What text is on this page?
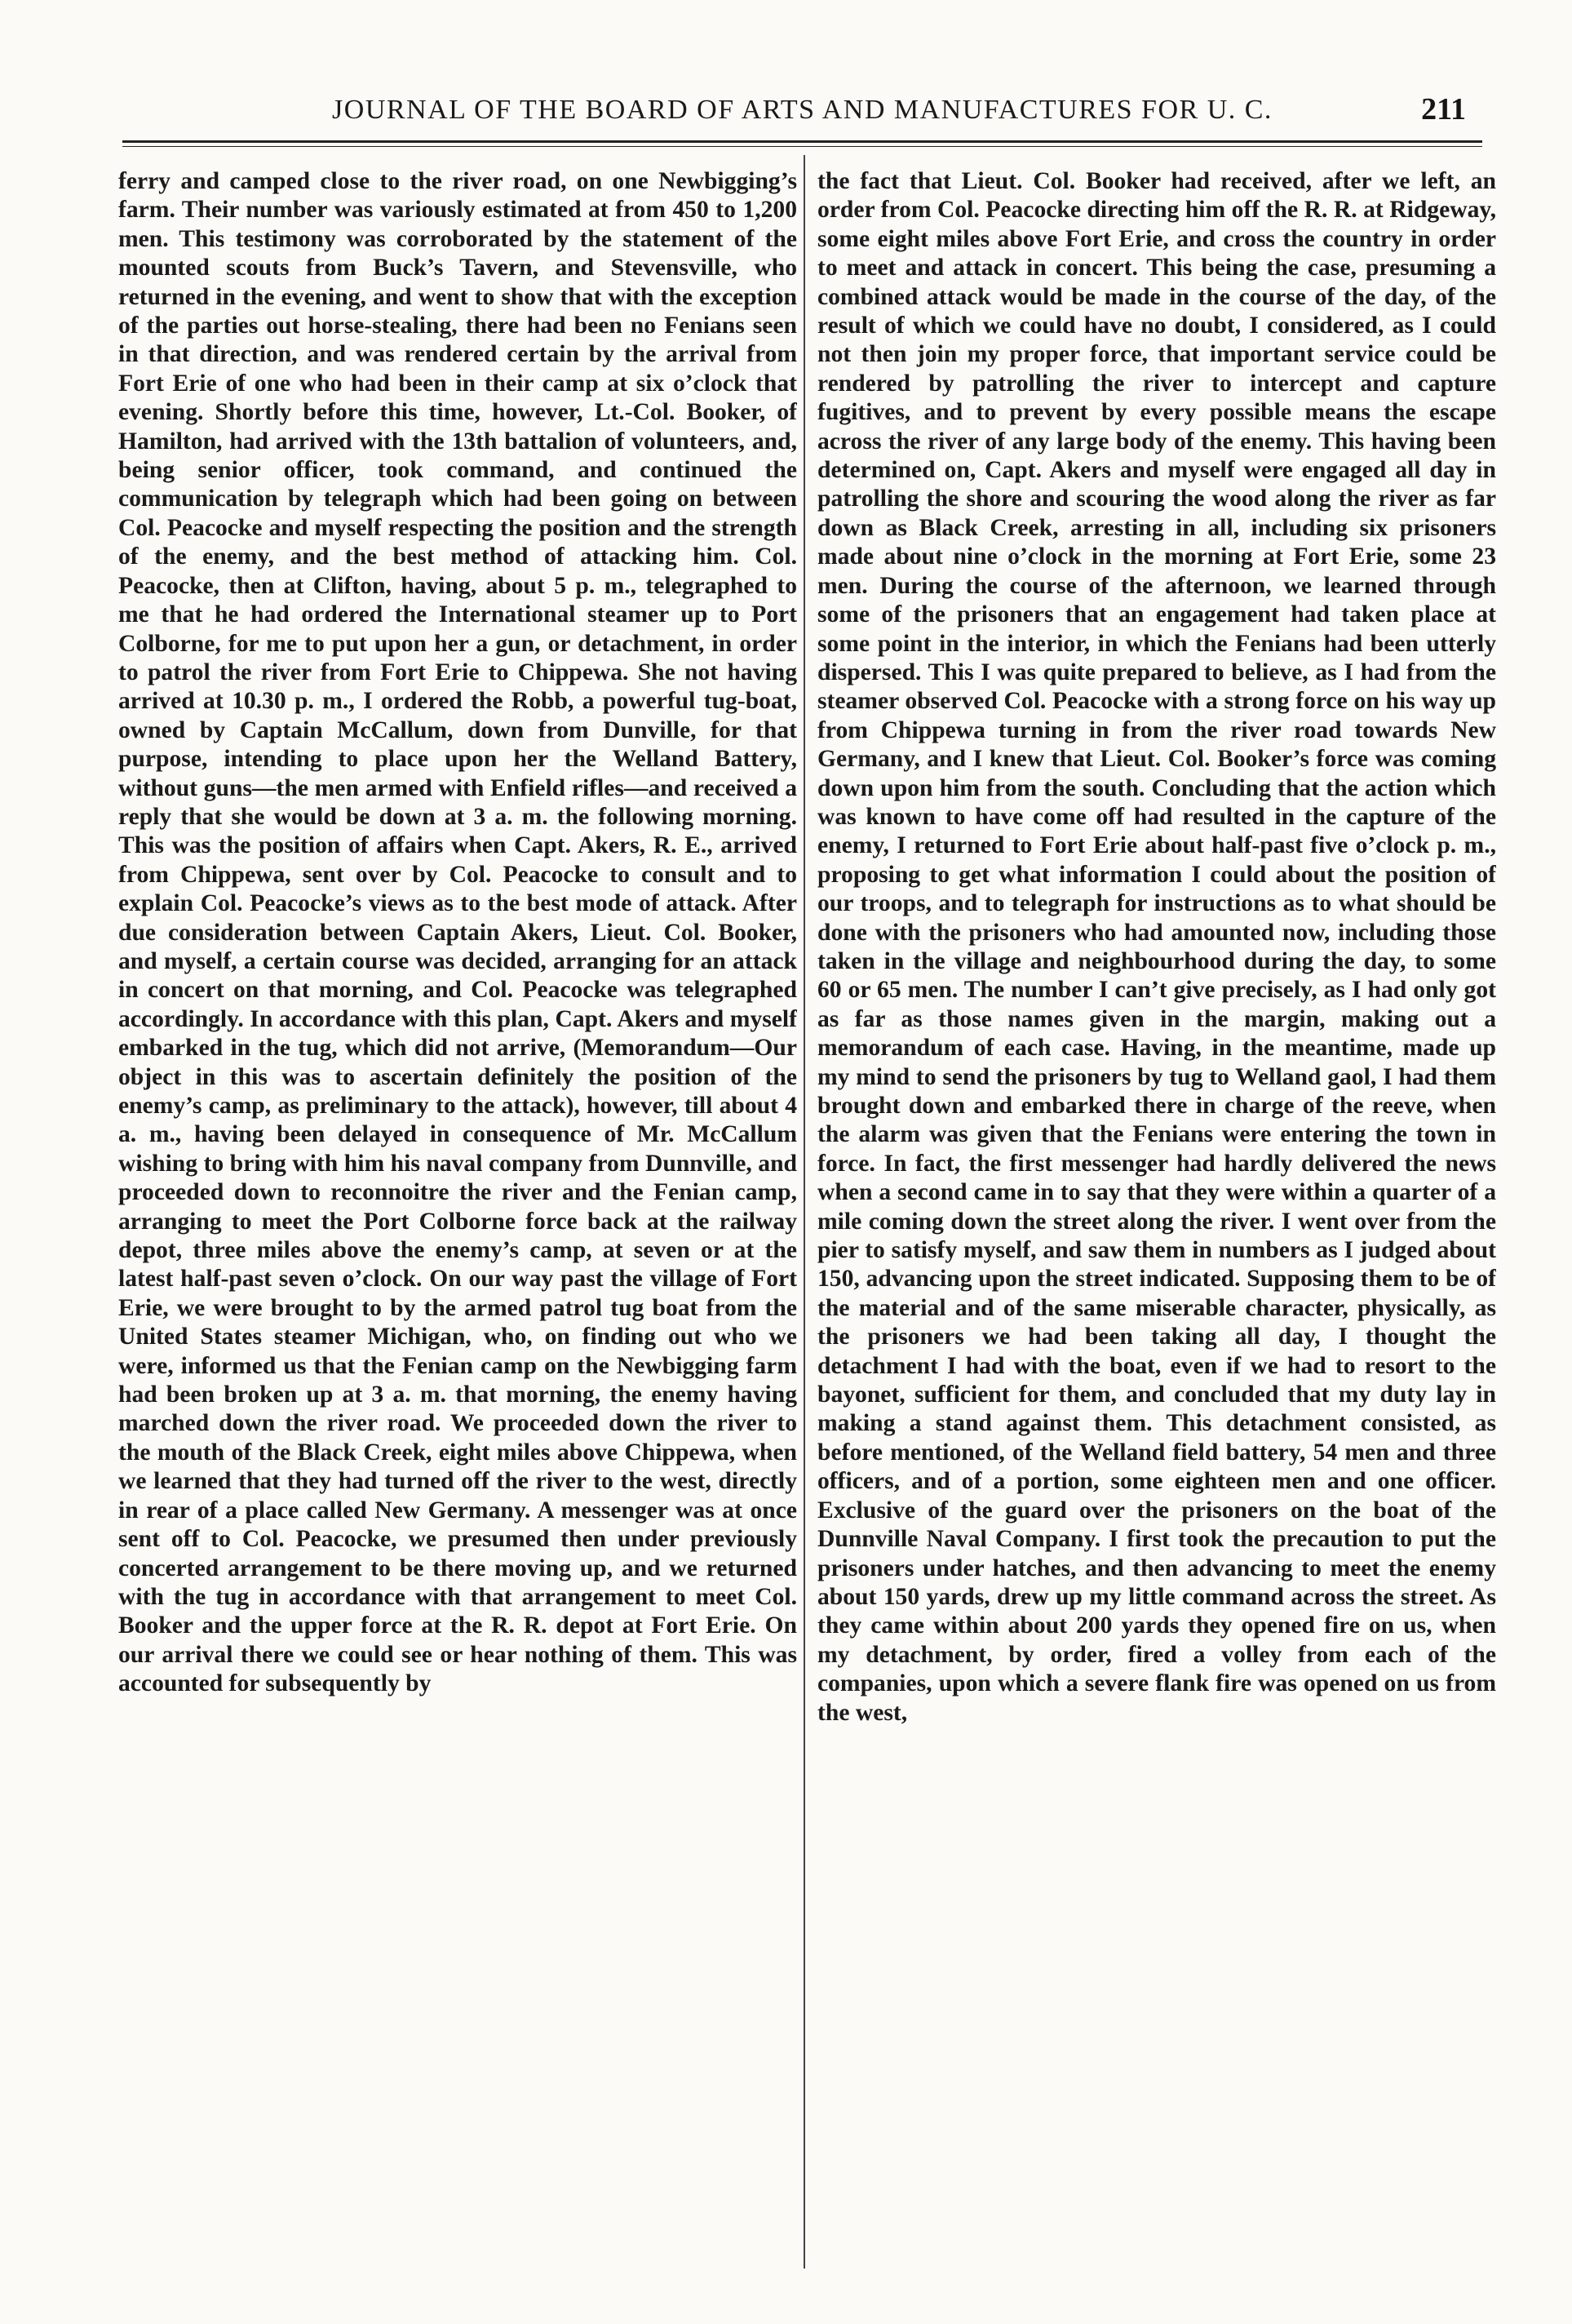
JOURNAL OF THE BOARD OF ARTS AND MANUFACTURES FOR U. C.	211

ferry and camped close to the river road, on one Newbigging’s farm. Their number was variously estimated at from 450 to 1,200 men. This testimony was corroborated by the statement of the mounted scouts from Buck’s Tavern, and Stevensville, who returned in the evening, and went to show that with the exception of the parties out horse-stealing, there had been no Fenians seen in that direction, and was rendered certain by the arrival from Fort Erie of one who had been in their camp at six o’clock that evening. Shortly before this time, however, Lt.-Col. Booker, of Hamilton, had arrived with the 13th battalion of volunteers, and, being senior officer, took command, and continued the communication by telegraph which had been going on between Col. Peacocke and myself respecting the position and the strength of the enemy, and the best method of attacking him. Col. Peacocke, then at Clifton, having, about 5 p. m., telegraphed to me that he had ordered the International steamer up to Port Colborne, for me to put upon her a gun, or detachment, in order to patrol the river from Fort Erie to Chippewa. She not having arrived at 10.30 p. m., I ordered the Robb, a powerful tug-boat, owned by Captain McCallum, down from Dunville, for that purpose, intending to place upon her the Welland Battery, without guns—the men armed with Enfield rifles—and received a reply that she would be down at 3 a. m. the following morning. This was the position of affairs when Capt. Akers, R. E., arrived from Chippewa, sent over by Col. Peacocke to consult and to explain Col. Peacocke’s views as to the best mode of attack. After due consideration between Captain Akers, Lieut. Col. Booker, and myself, a certain course was decided, arranging for an attack in concert on that morning, and Col. Peacocke was telegraphed accordingly. In accordance with this plan, Capt. Akers and myself embarked in the tug, which did not arrive, (Memorandum—Our object in this was to ascertain definitely the position of the enemy’s camp, as preliminary to the attack), however, till about 4 a. m., having been delayed in consequence of Mr. McCallum wishing to bring with him his naval company from Dunnville, and proceeded down to reconnoitre the river and the Fenian camp, arranging to meet the Port Colborne force back at the railway depot, three miles above the enemy’s camp, at seven or at the latest half-past seven o’clock. On our way past the village of Fort Erie, we were brought to by the armed patrol tug boat from the United States steamer Michigan, who, on finding out who we were, informed us that the Fenian camp on the Newbigging farm had been broken up at 3 a. m. that morning, the enemy having marched down the river road. We proceeded down the river to the mouth of the Black Creek, eight miles above Chippewa, when we learned that they had turned off the river to the west, directly in rear of a place called New Germany. A messenger was at once sent off to Col. Peacocke, we presumed then under previously concerted arrangement to be there moving up, and we returned with the tug in accordance with that arrangement to meet Col. Booker and the upper force at the R. R. depot at Fort Erie. On our arrival there we could see or hear nothing of them. This was accounted for subsequently by

the fact that Lieut. Col. Booker had received, after we left, an order from Col. Peacocke directing him off the R. R. at Ridgeway, some eight miles above Fort Erie, and cross the country in order to meet and attack in concert. This being the case, presuming a combined attack would be made in the course of the day, of the result of which we could have no doubt, I considered, as I could not then join my proper force, that important service could be rendered by patrolling the river to intercept and capture fugitives, and to prevent by every possible means the escape across the river of any large body of the enemy. This having been determined on, Capt. Akers and myself were engaged all day in patrolling the shore and scouring the wood along the river as far down as Black Creek, arresting in all, including six prisoners made about nine o’clock in the morning at Fort Erie, some 23 men. During the course of the afternoon, we learned through some of the prisoners that an engagement had taken place at some point in the interior, in which the Fenians had been utterly dispersed. This I was quite prepared to believe, as I had from the steamer observed Col. Peacocke with a strong force on his way up from Chippewa turning in from the river road towards New Germany, and I knew that Lieut. Col. Booker’s force was coming down upon him from the south. Concluding that the action which was known to have come off had resulted in the capture of the enemy, I returned to Fort Erie about half-past five o’clock p. m., proposing to get what information I could about the position of our troops, and to telegraph for instructions as to what should be done with the prisoners who had amounted now, including those taken in the village and neighbourhood during the day, to some 60 or 65 men. The number I can’t give precisely, as I had only got as far as those names given in the margin, making out a memorandum of each case. Having, in the meantime, made up my mind to send the prisoners by tug to Welland gaol, I had them brought down and embarked there in charge of the reeve, when the alarm was given that the Fenians were entering the town in force. In fact, the first messenger had hardly delivered the news when a second came in to say that they were within a quarter of a mile coming down the street along the river. I went over from the pier to satisfy myself, and saw them in numbers as I judged about 150, advancing upon the street indicated. Supposing them to be of the material and of the same miserable character, physically, as the prisoners we had been taking all day, I thought the detachment I had with the boat, even if we had to resort to the bayonet, sufficient for them, and concluded that my duty lay in making a stand against them. This detachment consisted, as before mentioned, of the Welland field battery, 54 men and three officers, and of a portion, some eighteen men and one officer. Exclusive of the guard over the prisoners on the boat of the Dunnville Naval Company. I first took the precaution to put the prisoners under hatches, and then advancing to meet the enemy about 150 yards, drew up my little command across the street. As they came within about 200 yards they opened fire on us, when my detachment, by order, fired a volley from each of the companies, upon which a severe flank fire was opened on us from the west,
